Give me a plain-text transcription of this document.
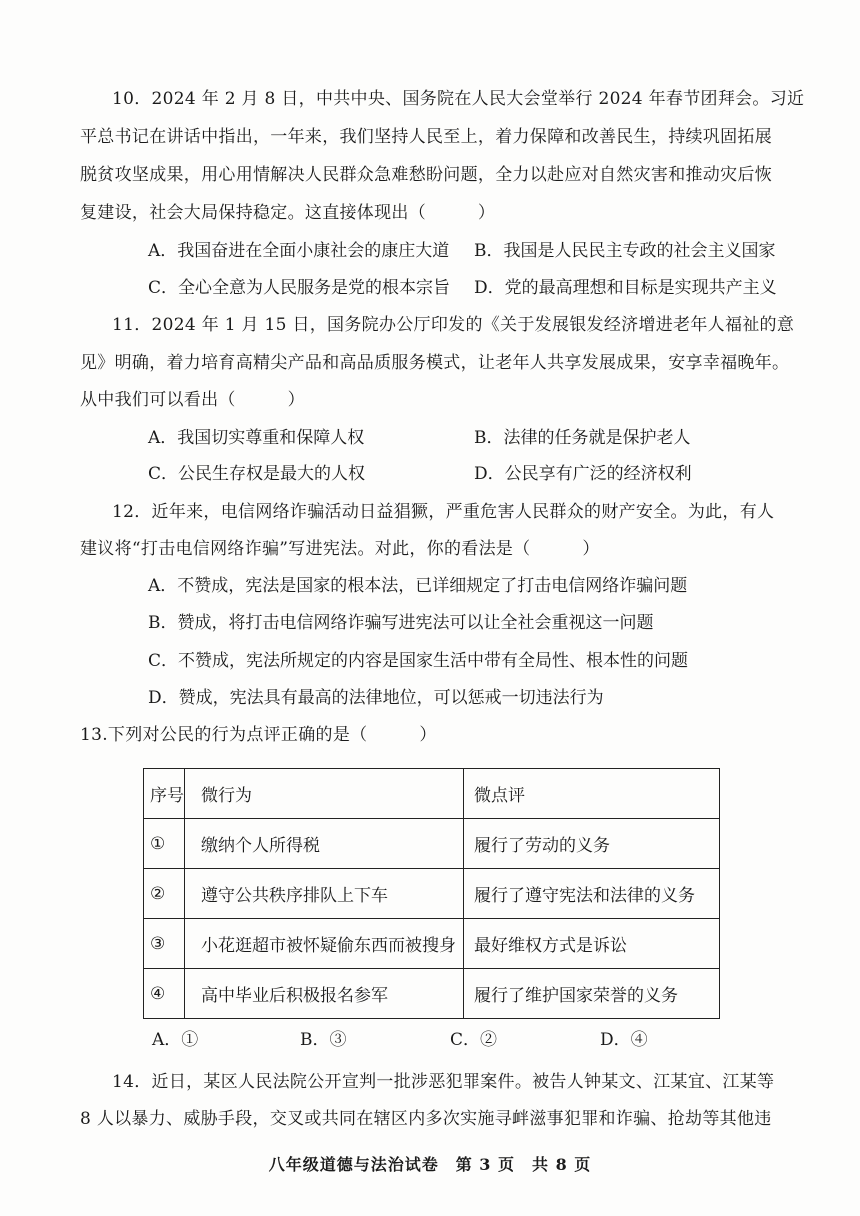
10．2024 年 2 月 8 日，中共中央、国务院在人民大会堂举行 2024 年春节团拜会。习近
平总书记在讲话中指出，一年来，我们坚持人民至上，着力保障和改善民生，持续巩固拓展
脱贫攻坚成果，用心用情解决人民群众急难愁盼问题，全力以赴应对自然灾害和推动灾后恢
复建设，社会大局保持稳定。这直接体现出（　　　）
A．我国奋进在全面小康社会的康庄大道 B．我国是人民民主专政的社会主义国家
C．全心全意为人民服务是党的根本宗旨 D．党的最高理想和目标是实现共产主义
11．2024 年 1 月 15 日，国务院办公厅印发的《关于发展银发经济增进老年人福祉的意
见》明确，着力培育高精尖产品和高品质服务模式，让老年人共享发展成果，安享幸福晚年。
从中我们可以看出（　　　）
A．我国切实尊重和保障人权	B．法律的任务就是保护老人
C．公民生存权是最大的人权	D．公民享有广泛的经济权利
12．近年来，电信网络诈骗活动日益猖獗，严重危害人民群众的财产安全。为此，有人
建议将“打击电信网络诈骗”写进宪法。对此，你的看法是（　　　）
A．不赞成，宪法是国家的根本法，已详细规定了打击电信网络诈骗问题
B．赞成，将打击电信网络诈骗写进宪法可以让全社会重视这一问题
C．不赞成，宪法所规定的内容是国家生活中带有全局性、根本性的问题
D．赞成，宪法具有最高的法律地位，可以惩戒一切违法行为
13.下列对公民的行为点评正确的是（　　　）
序号	微行为	微点评
①	缴纳个人所得税	履行了劳动的义务
②	遵守公共秩序排队上下车	履行了遵守宪法和法律的义务
③	小花逛超市被怀疑偷东西而被搜身	最好维权方式是诉讼
④	高中毕业后积极报名参军	履行了维护国家荣誉的义务
A．①	B．③	C．②	D．④
14．近日，某区人民法院公开宣判一批涉恶犯罪案件。被告人钟某文、江某宜、江某等
8 人以暴力、威胁手段，交叉或共同在辖区内多次实施寻衅滋事犯罪和诈骗、抢劫等其他违
八年级道德与法治试卷　第 3 页　共 8 页
